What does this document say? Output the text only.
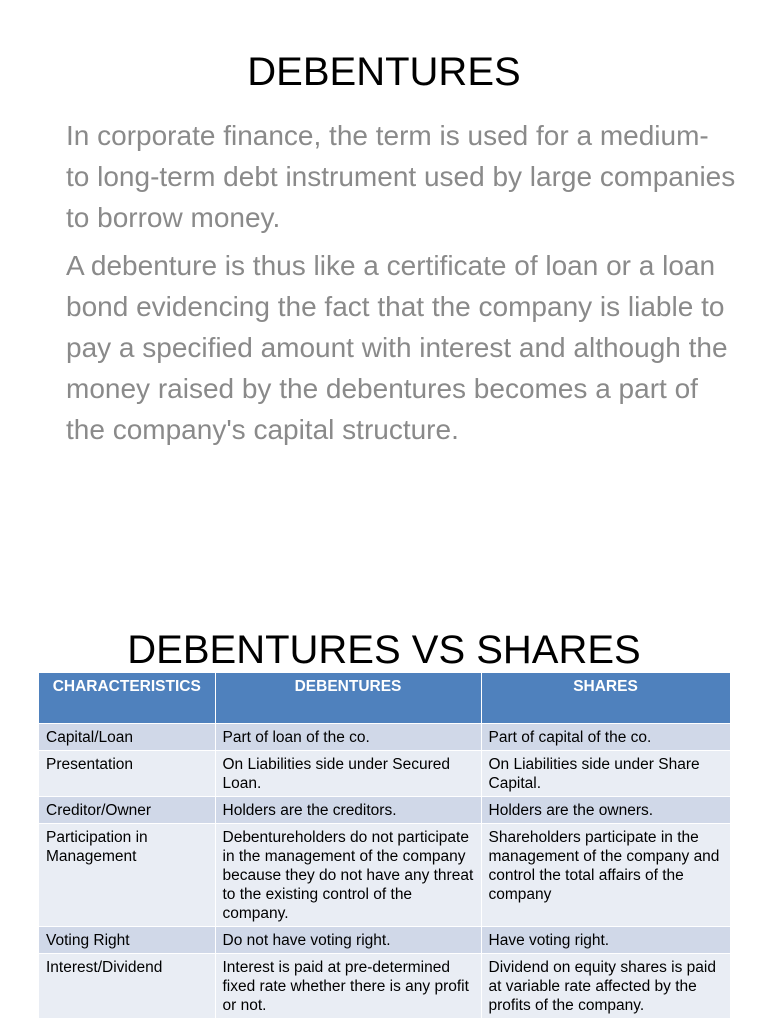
DEBENTURES

In corporate finance, the term is used for a medium- to long-term debt instrument used by large companies to borrow money.

A debenture is thus like a certificate of loan or a loan bond evidencing the fact that the company is liable to pay a specified amount with interest and although the money raised by the debentures becomes a part of the company's capital structure.

DEBENTURES VS SHARES
CHARACTERISTICS	DEBENTURES	SHARES
Capital/Loan	Part of loan of the co.	Part of capital of the co.
Presentation	On Liabilities side under Secured Loan.	On Liabilities side under Share Capital.
Creditor/Owner	Holders are the creditors.	Holders are the owners.
Participation in Management	Debentureholders do not participate in the management of the company because they do not have any threat to the existing control of the company.	Shareholders participate in the management of the company and control the total affairs of the company
Voting Right	Do not have voting right.	Have voting right.
Interest/Dividend	Interest is paid at pre-determined fixed rate whether there is any profit or not.	Dividend on equity shares is paid at variable rate affected by the profits of the company.
